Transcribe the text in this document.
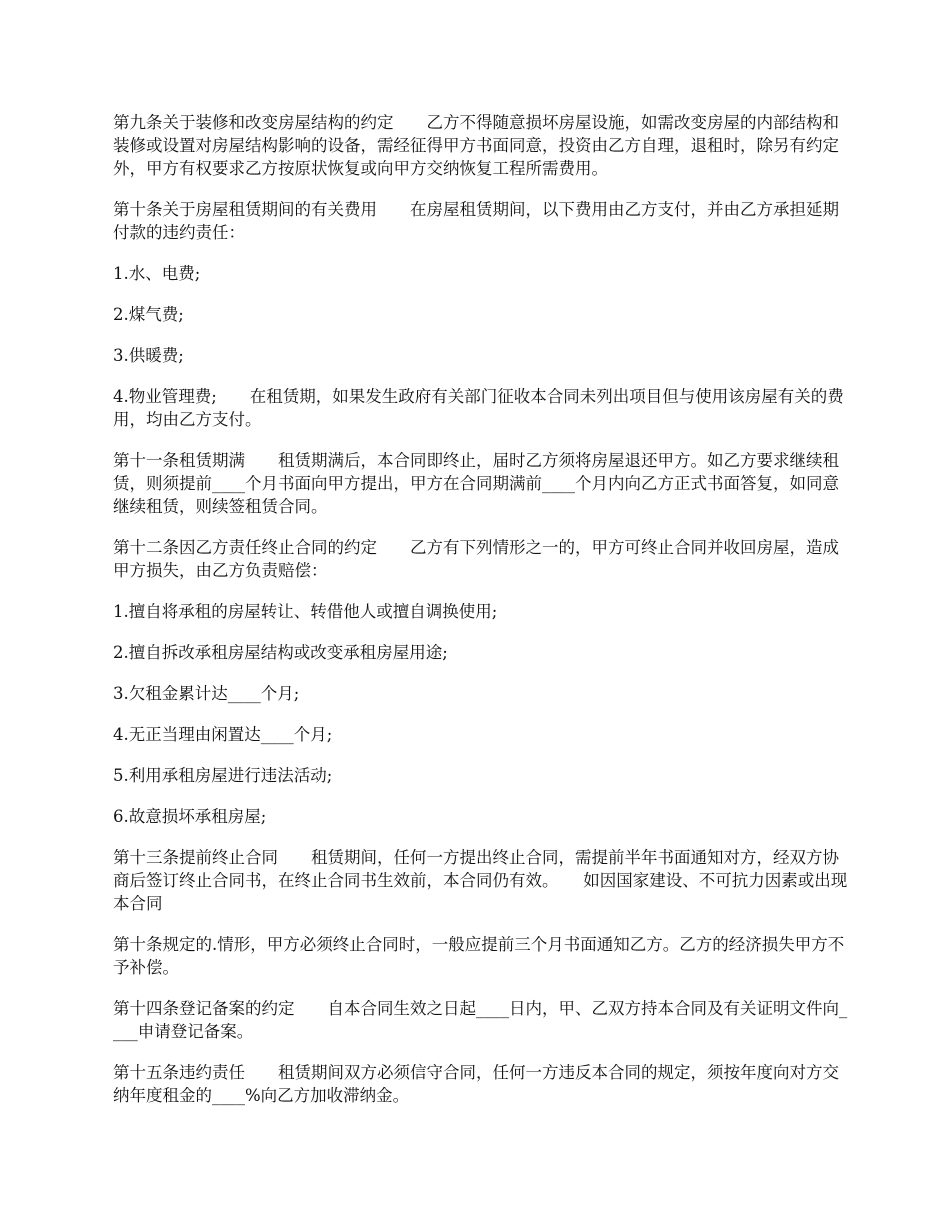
第九条关于装修和改变房屋结构的约定　　乙方不得随意损坏房屋设施，如需改变房屋的内部结构和装修或设置对房屋结构影响的设备，需经征得甲方书面同意，投资由乙方自理，退租时，除另有约定外，甲方有权要求乙方按原状恢复或向甲方交纳恢复工程所需费用。

第十条关于房屋租赁期间的有关费用　　在房屋租赁期间，以下费用由乙方支付，并由乙方承担延期付款的违约责任：

1.水、电费;

2.煤气费;

3.供暖费;

4.物业管理费;　　在租赁期，如果发生政府有关部门征收本合同未列出项目但与使用该房屋有关的费用，均由乙方支付。

第十一条租赁期满　　租赁期满后，本合同即终止，届时乙方须将房屋退还甲方。如乙方要求继续租赁，则须提前____个月书面向甲方提出，甲方在合同期满前____个月内向乙方正式书面答复，如同意继续租赁，则续签租赁合同。

第十二条因乙方责任终止合同的约定　　乙方有下列情形之一的，甲方可终止合同并收回房屋，造成甲方损失，由乙方负责赔偿：

1.擅自将承租的房屋转让、转借他人或擅自调换使用;

2.擅自拆改承租房屋结构或改变承租房屋用途;

3.欠租金累计达____个月;

4.无正当理由闲置达____个月;

5.利用承租房屋进行违法活动;

6.故意损坏承租房屋;

第十三条提前终止合同　　租赁期间，任何一方提出终止合同，需提前半年书面通知对方，经双方协商后签订终止合同书，在终止合同书生效前，本合同仍有效。　　如因国家建设、不可抗力因素或出现本合同

第十条规定的.情形，甲方必须终止合同时，一般应提前三个月书面通知乙方。乙方的经济损失甲方不予补偿。

第十四条登记备案的约定　　自本合同生效之日起____日内，甲、乙双方持本合同及有关证明文件向____申请登记备案。

第十五条违约责任　　租赁期间双方必须信守合同，任何一方违反本合同的规定，须按年度向对方交纳年度租金的____%向乙方加收滞纳金。
